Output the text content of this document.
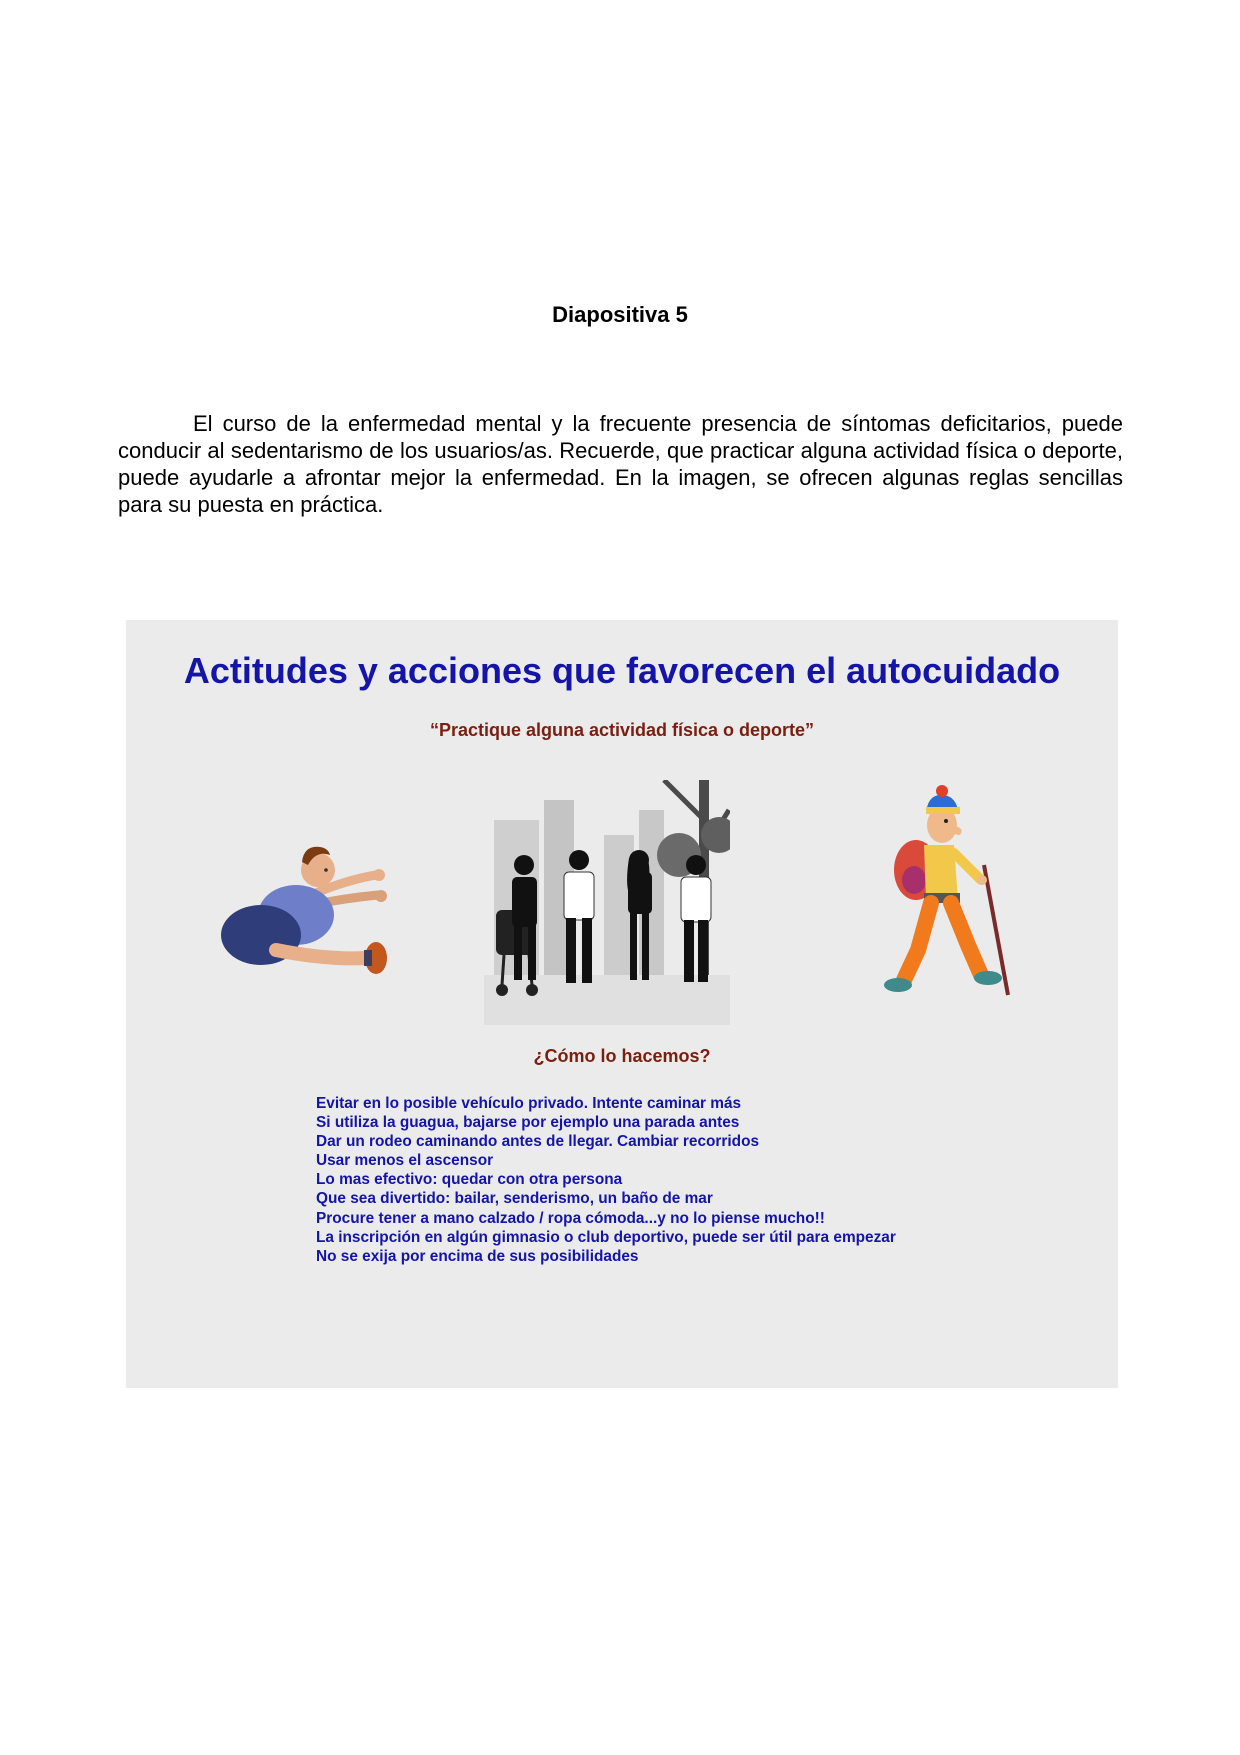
Diapositiva 5

El curso de la enfermedad mental y la frecuente presencia de síntomas deficitarios, puede conducir al sedentarismo de los usuarios/as. Recuerde, que practicar alguna actividad física o deporte, puede ayudarle a afrontar mejor la enfermedad. En la imagen, se ofrecen algunas reglas sencillas para su puesta en práctica.

Actitudes y acciones que favorecen el autocuidado

“Practique alguna actividad física o deporte”

¿Cómo lo hacemos?

Evitar en lo posible vehículo privado. Intente caminar más
Si utiliza la guagua, bajarse por ejemplo una parada antes
Dar un rodeo caminando antes de llegar. Cambiar recorridos
Usar menos el ascensor
Lo mas efectivo: quedar con otra persona
Que sea divertido: bailar, senderismo, un baño de mar
Procure tener a mano calzado / ropa cómoda...y no lo piense mucho!!
La inscripción en algún gimnasio o club deportivo, puede ser útil para empezar
No se exija por encima de sus posibilidades
